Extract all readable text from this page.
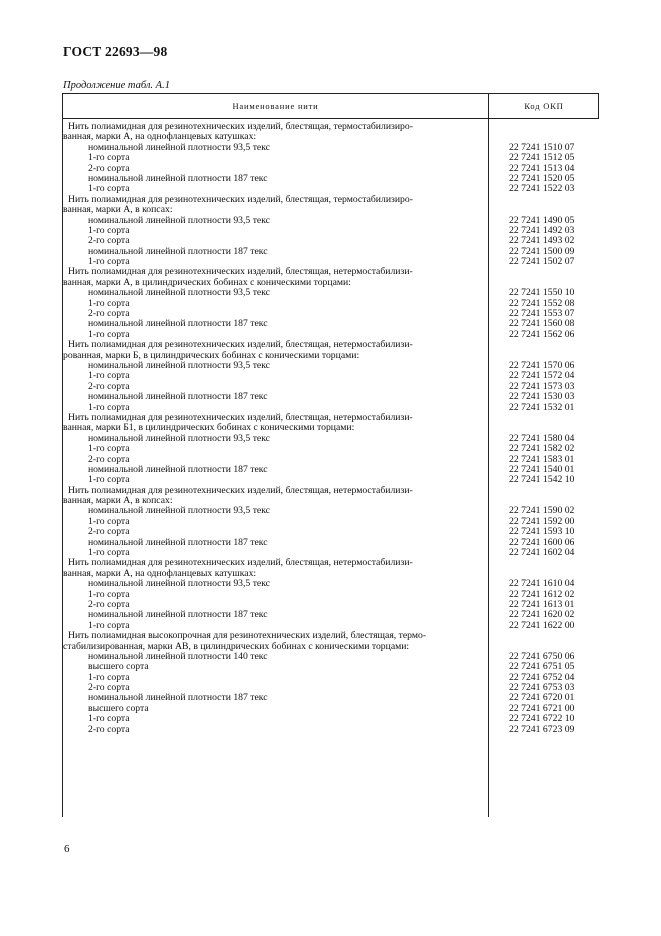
ГОСТ 22693—98
Продолжение табл. А.1
Наименование нити	Код ОКП
Нить полиамидная для резинотехнических изделий, блестящая, термостабилизиро-
ванная, марки А, на однофланцевых катушках:
номинальной линейной плотности 93,5 текс	22 7241 1510 07
1-го сорта	22 7241 1512 05
2-го сорта	22 7241 1513 04
номинальной линейной плотности 187 текс	22 7241 1520 05
1-го сорта	22 7241 1522 03
Нить полиамидная для резинотехнических изделий, блестящая, термостабилизиро-
ванная, марки А, в копсах:
номинальной линейной плотности 93,5 текс	22 7241 1490 05
1-го сорта	22 7241 1492 03
2-го сорта	22 7241 1493 02
номинальной линейной плотности 187 текс	22 7241 1500 09
1-го сорта	22 7241 1502 07
Нить полиамидная для резинотехнических изделий, блестящая, нетермостабилизи-
ванная, марки А, в цилиндрических бобинах с коническими торцами:
номинальной линейной плотности 93,5 текс	22 7241 1550 10
1-го сорта	22 7241 1552 08
2-го сорта	22 7241 1553 07
номинальной линейной плотности 187 текс	22 7241 1560 08
1-го сорта	22 7241 1562 06
Нить полиамидная для резинотехнических изделий, блестящая, нетермостабилизи-
рованная, марки Б, в цилиндрических бобинах с коническими торцами:
номинальной линейной плотности 93,5 текс	22 7241 1570 06
1-го сорта	22 7241 1572 04
2-го сорта	22 7241 1573 03
номинальной линейной плотности 187 текс	22 7241 1530 03
1-го сорта	22 7241 1532 01
Нить полиамидная для резинотехнических изделий, блестящая, нетермостабилизи-
ванная, марки Б1, в цилиндрических бобинах с коническими торцами:
номинальной линейной плотности 93,5 текс	22 7241 1580 04
1-го сорта	22 7241 1582 02
2-го сорта	22 7241 1583 01
номинальной линейной плотности 187 текс	22 7241 1540 01
1-го сорта	22 7241 1542 10
Нить полиамидная для резинотехнических изделий, блестящая, нетермостабилизи-
ванная, марки А, в копсах:
номинальной линейной плотности 93,5 текс	22 7241 1590 02
1-го сорта	22 7241 1592 00
2-го сорта	22 7241 1593 10
номинальной линейной плотности 187 текс	22 7241 1600 06
1-го сорта	22 7241 1602 04
Нить полиамидная для резинотехнических изделий, блестящая, нетермостабилизи-
ванная, марки А, на однофланцевых катушках:
номинальной линейной плотности 93,5 текс	22 7241 1610 04
1-го сорта	22 7241 1612 02
2-го сорта	22 7241 1613 01
номинальной линейной плотности 187 текс	22 7241 1620 02
1-го сорта	22 7241 1622 00
Нить полиамидная высокопрочная для резинотехнических изделий, блестящая, термо-
стабилизированная, марки АВ, в цилиндрических бобинах с коническими торцами:
номинальной линейной плотности 140 текс	22 7241 6750 06
высшего сорта	22 7241 6751 05
1-го сорта	22 7241 6752 04
2-го сорта	22 7241 6753 03
номинальной линейной плотности 187 текс	22 7241 6720 01
высшего сорта	22 7241 6721 00
1-го сорта	22 7241 6722 10
2-го сорта	22 7241 6723 09
6
